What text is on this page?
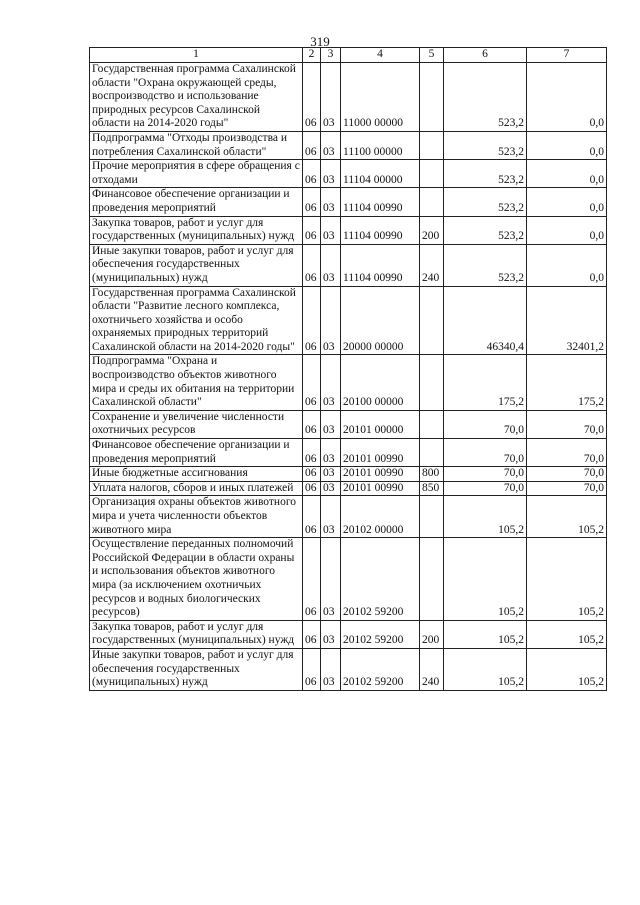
319
1	2	3	4	5	6	7
Государственная программа Сахалинской области "Охрана окружающей среды, воспроизводство и использование природных ресурсов Сахалинской области на 2014-2020 годы"	06	03	11000 00000		523,2	0,0
Подпрограмма "Отходы производства и потребления Сахалинской области"	06	03	11100 00000		523,2	0,0
Прочие мероприятия в сфере обращения с отходами	06	03	11104 00000		523,2	0,0
Финансовое обеспечение организации и проведения мероприятий	06	03	11104 00990		523,2	0,0
Закупка товаров, работ и услуг для государственных (муниципальных) нужд	06	03	11104 00990	200	523,2	0,0
Иные закупки товаров, работ и услуг для обеспечения государственных (муниципальных) нужд	06	03	11104 00990	240	523,2	0,0
Государственная программа Сахалинской области "Развитие лесного комплекса, охотничьего хозяйства и особо охраняемых природных территорий Сахалинской области на 2014-2020 годы"	06	03	20000 00000		46340,4	32401,2
Подпрограмма "Охрана и воспроизводство объектов животного мира и среды их обитания на территории Сахалинской области"	06	03	20100 00000		175,2	175,2
Сохранение и увеличение численности охотничьих ресурсов	06	03	20101 00000		70,0	70,0
Финансовое обеспечение организации и проведения мероприятий	06	03	20101 00990		70,0	70,0
Иные бюджетные ассигнования	06	03	20101 00990	800	70,0	70,0
Уплата налогов, сборов и иных платежей	06	03	20101 00990	850	70,0	70,0
Организация охраны объектов животного мира и учета численности объектов животного мира	06	03	20102 00000		105,2	105,2
Осуществление переданных полномочий Российской Федерации в области охраны и использования объектов животного мира (за исключением охотничьих ресурсов и водных биологических ресурсов)	06	03	20102 59200		105,2	105,2
Закупка товаров, работ и услуг для государственных (муниципальных) нужд	06	03	20102 59200	200	105,2	105,2
Иные закупки товаров, работ и услуг для обеспечения государственных (муниципальных) нужд	06	03	20102 59200	240	105,2	105,2
